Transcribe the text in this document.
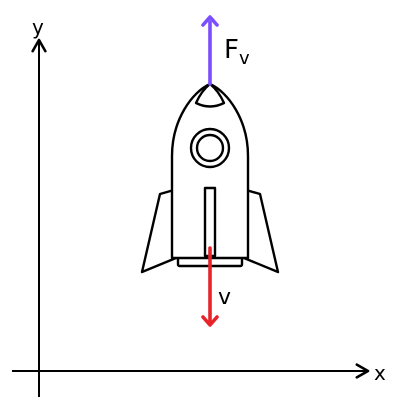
y
x
$F_v$
v
